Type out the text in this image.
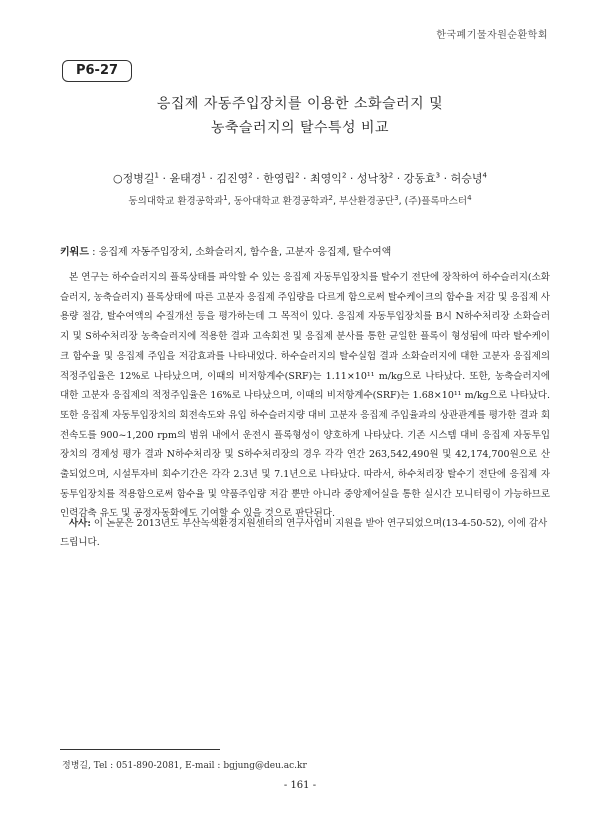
한국폐기물자원순환학회
P6-27
응집제 자동주입장치를 이용한 소화슬러지 및
농축슬러지의 탈수특성 비교
○정병길$^1$ · 윤태경$^1$ · 김진영$^2$ · 한영립$^2$ · 최영익$^2$ · 성낙창$^2$ · 강동효$^3$ · 허승녕$^4$
동의대학교 환경공학과$^1$, 동아대학교 환경공학과$^2$, 부산환경공단$^3$, (주)플록마스터$^4$
키워드 : 응집제 자동주입장치, 소화슬러지, 함수율, 고분자 응집제, 탈수여액

본 연구는 하수슬러지의 플록상태를 파악할 수 있는 응집제 자동투입장치를 탈수기 전단에 장착하여 하수슬러지(소화슬러지, 농축슬러지) 플록상태에 따른 고분자 응집제 주입량을 다르게 함으로써 탈수케이크의 함수율 저감 및 응집제 사용량 절감, 탈수여액의 수질개선 등을 평가하는데 그 목적이 있다. 응집제 자동투입장치를 B시 N하수처리장 소화슬러지 및 S하수처리장 농축슬러지에 적용한 결과 고속회전 및 응집제 분사를 통한 균일한 플록이 형성됨에 따라 탈수케이크 함수율 및 응집제 주입을 저감효과를 나타내었다. 하수슬러지의 탈수실험 결과 소화슬러지에 대한 고분자 응집제의 적정주입율은 12%로 나타났으며, 이때의 비저항계수(SRF)는 1.11×10¹¹ m/kg으로 나타났다. 또한, 농축슬러지에 대한 고분자 응집제의 적정주입율은 16%로 나타났으며, 이때의 비저항계수(SRF)는 1.68×10¹¹ m/kg으로 나타났다. 또한 응집제 자동투입장치의 회전속도와 유입 하수슬러지량 대비 고분자 응집제 주입율과의 상관관계를 평가한 결과 회전속도를 900~1,200 rpm의 범위 내에서 운전시 플록형성이 양호하게 나타났다. 기존 시스템 대비 응집제 자동투입장치의 경제성 평가 결과 N하수처리장 및 S하수처리장의 경우 각각 연간 263,542,490원 및 42,174,700원으로 산출되었으며, 시설투자비 회수기간은 각각 2.3년 및 7.1년으로 나타났다. 따라서, 하수처리장 탈수기 전단에 응집제 자동투입장치를 적용함으로써 함수율 및 약품주입량 저감 뿐만 아니라 중앙제어실을 통한 실시간 모니터링이 가능하므로 인력감축 유도 및 공정자동화에도 기여할 수 있을 것으로 판단된다.

사사: 이 논문은 2013년도 부산녹색환경지원센터의 연구사업비 지원을 받아 연구되었으며(13-4-50-52), 이에 감사드립니다.
정병길, Tel : 051-890-2081, E-mail : bgjung@deu.ac.kr
- 161 -
